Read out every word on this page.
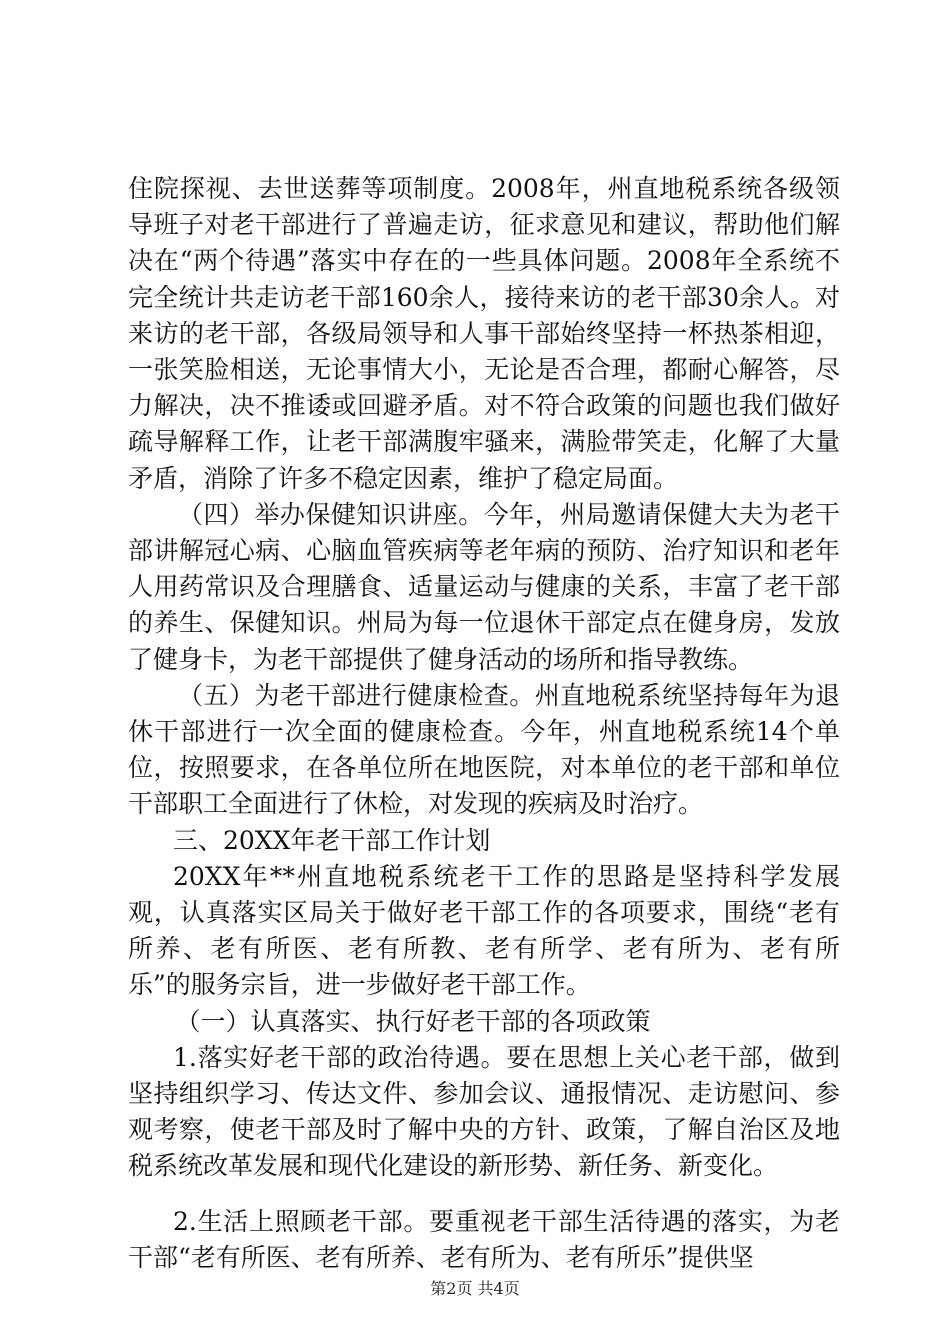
住院探视、去世送葬等项制度。2008年，州直地税系统各级领导班子对老干部进行了普遍走访，征求意见和建议，帮助他们解决在“两个待遇”落实中存在的一些具体问题。2008年全系统不完全统计共走访老干部160余人，接待来访的老干部30余人。对来访的老干部，各级局领导和人事干部始终坚持一杯热茶相迎，一张笑脸相送，无论事情大小，无论是否合理，都耐心解答，尽力解决，决不推诿或回避矛盾。对不符合政策的问题也我们做好疏导解释工作，让老干部满腹牢骚来，满脸带笑走，化解了大量矛盾，消除了许多不稳定因素，维护了稳定局面。

（四）举办保健知识讲座。今年，州局邀请保健大夫为老干部讲解冠心病、心脑血管疾病等老年病的预防、治疗知识和老年人用药常识及合理膳食、适量运动与健康的关系，丰富了老干部的养生、保健知识。州局为每一位退休干部定点在健身房，发放了健身卡，为老干部提供了健身活动的场所和指导教练。

（五）为老干部进行健康检查。州直地税系统坚持每年为退休干部进行一次全面的健康检查。今年，州直地税系统14个单位，按照要求，在各单位所在地医院，对本单位的老干部和单位干部职工全面进行了休检，对发现的疾病及时治疗。

三、20XX年老干部工作计划

20XX年**州直地税系统老干工作的思路是坚持科学发展观，认真落实区局关于做好老干部工作的各项要求，围绕“老有所养、老有所医、老有所教、老有所学、老有所为、老有所乐”的服务宗旨，进一步做好老干部工作。

（一）认真落实、执行好老干部的各项政策

1.落实好老干部的政治待遇。要在思想上关心老干部，做到坚持组织学习、传达文件、参加会议、通报情况、走访慰问、参观考察，使老干部及时了解中央的方针、政策，了解自治区及地税系统改革发展和现代化建设的新形势、新任务、新变化。

2.生活上照顾老干部。要重视老干部生活待遇的落实，为老干部“老有所医、老有所养、老有所为、老有所乐”提供坚

第2页 共4页
